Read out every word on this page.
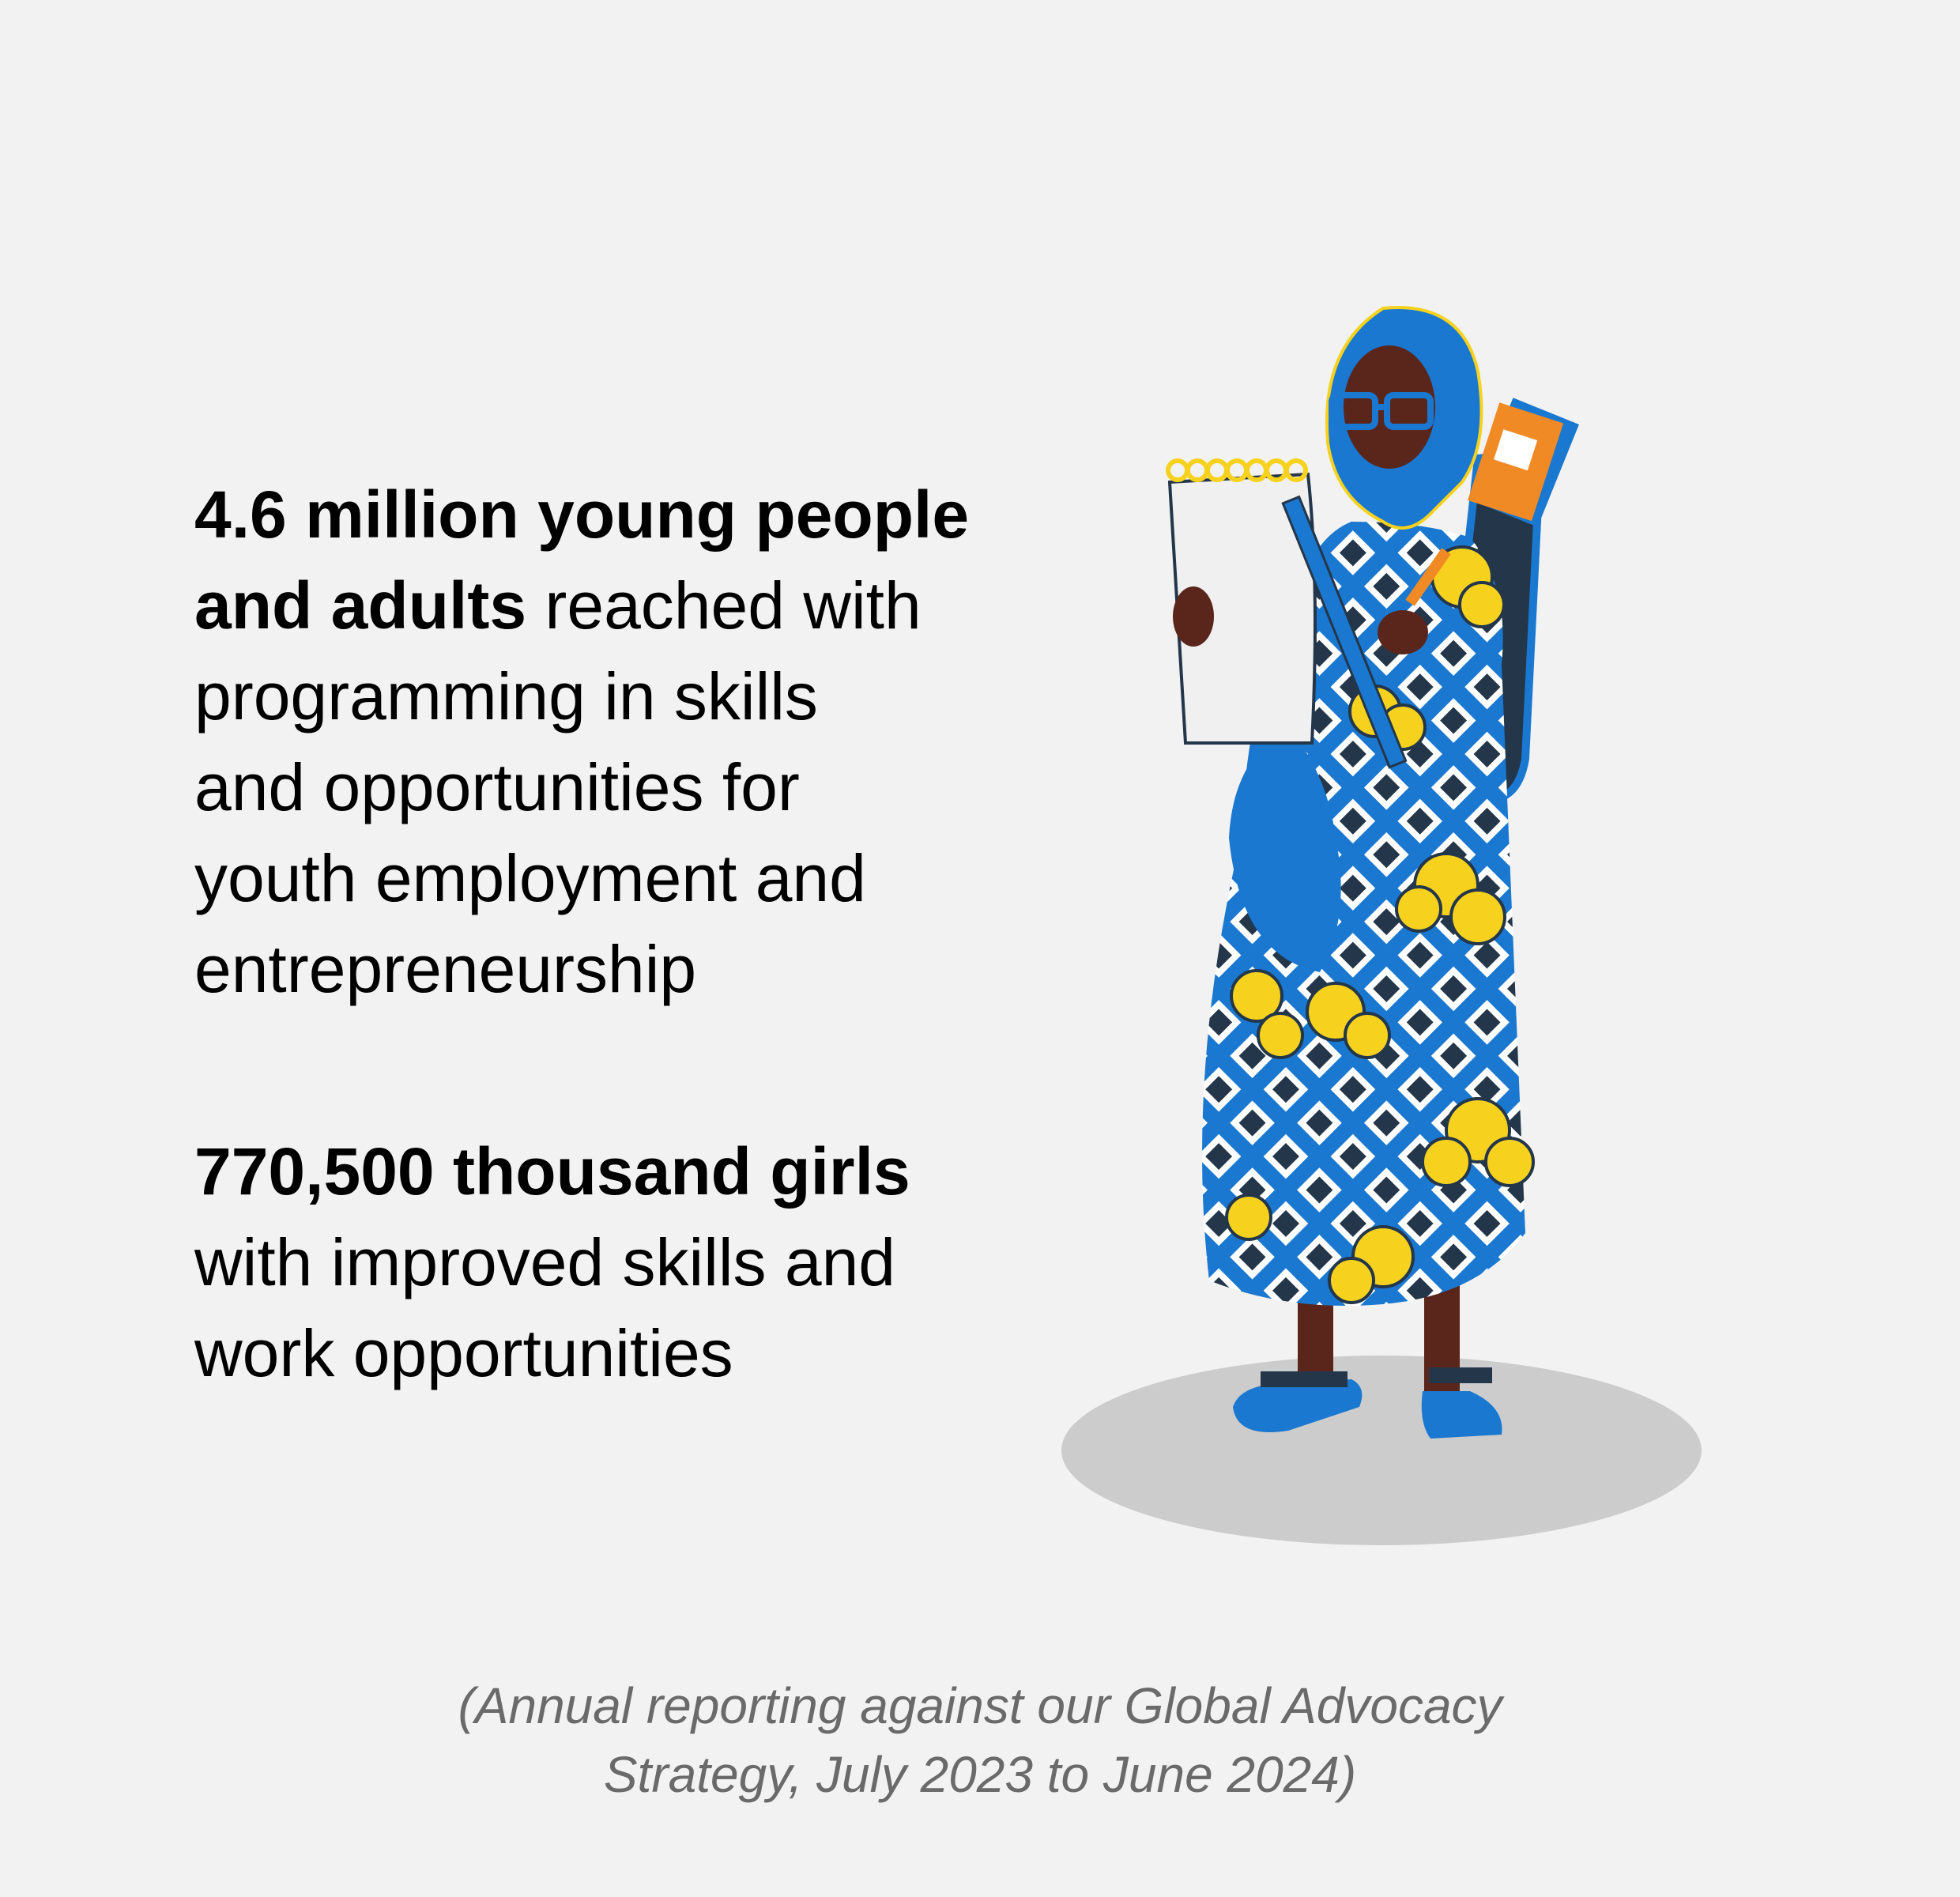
4.6 million young people
and adults reached with
programming in skills
and opportunities for
youth employment and
entrepreneurship

770,500 thousand girls
with improved skills and
work opportunities

(Annual reporting against our Global Advocacy
Strategy, July 2023 to June 2024)
